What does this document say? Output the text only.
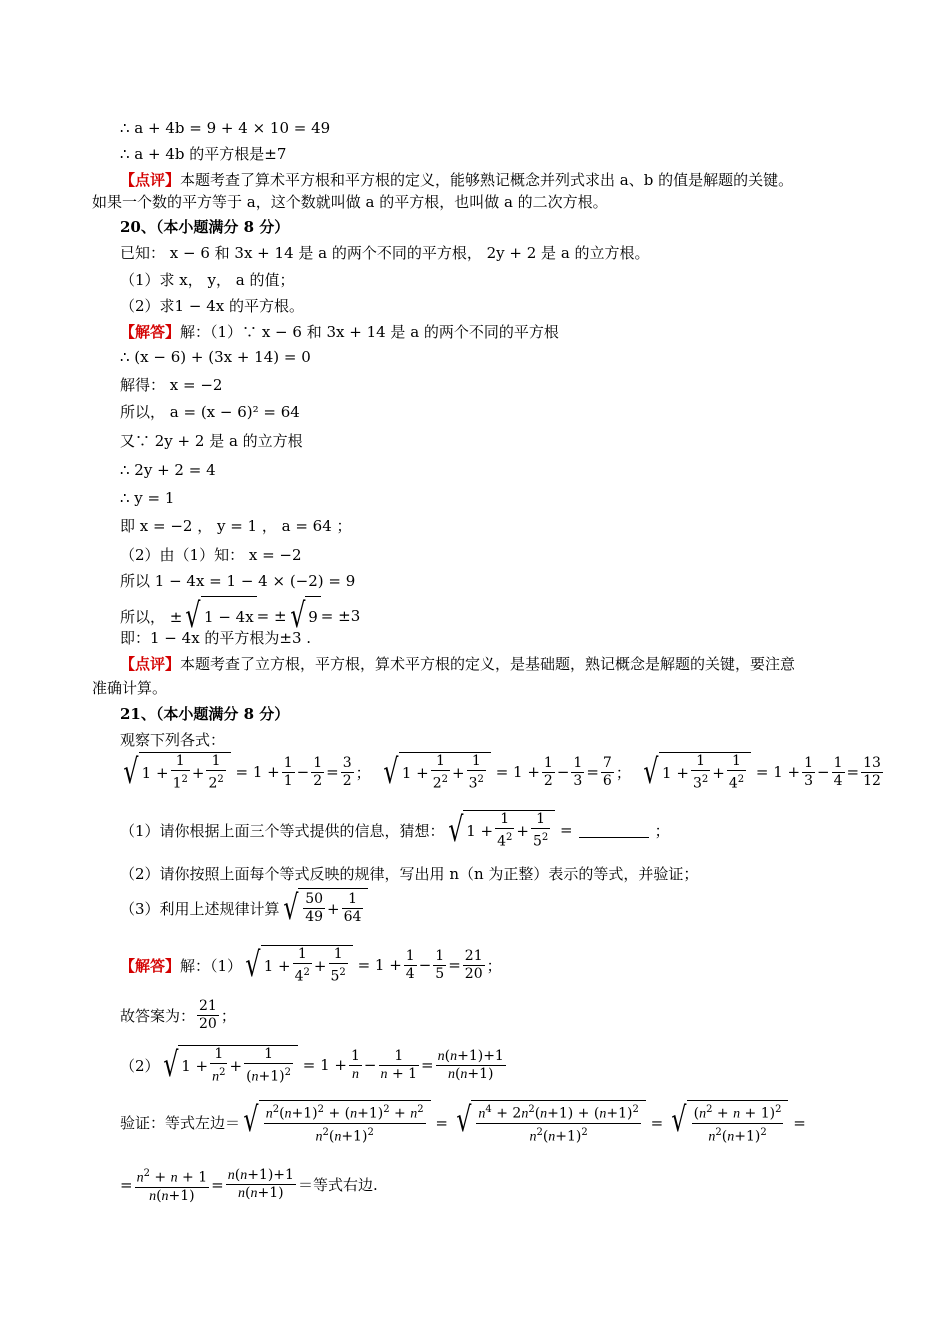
∴ a + 4b = 9 + 4 × 10 = 49
∴ a + 4b 的平方根是±7
【点评】本题考查了算术平方根和平方根的定义，能够熟记概念并列式求出 a、b 的值是解题的关键。
如果一个数的平方等于 a，这个数就叫做 a 的平方根，也叫做 a 的二次方根。
20、（本小题满分 8 分）
已知： x − 6 和 3x + 14 是 a 的两个不同的平方根， 2y + 2 是 a 的立方根。
（1）求 x， y， a 的值；
（2）求1 − 4x 的平方根。
【解答】解：（1）∵ x − 6 和 3x + 14 是 a 的两个不同的平方根
∴ (x − 6) + (3x + 14) = 0
解得： x = −2
所以， a = (x − 6)² = 64
又∵ 2y + 2 是 a 的立方根
∴ 2y + 2 = 4
∴ y = 1
即 x = −2 ， y = 1 ， a = 64 ；
（2）由（1）知： x = −2
所以 1 − 4x = 1 − 4 × (−2) = 9
所以， ± √ 1 − 4x = ± √ 9 = ±3
即：1 − 4x 的平方根为±3 .
【点评】本题考查了立方根，平方根，算术平方根的定义，是基础题，熟记概念是解题的关键，要注意
准确计算。
21、（本小题满分 8 分）
观察下列各式：
√ $1 + \frac{1}{1^2} + \frac{1}{2^2} = 1 + \frac{1}{1} - \frac{1}{2} = \frac{3}{2}$ ； √ $1 + \frac{1}{2^2} + \frac{1}{3^2} = 1 + \frac{1}{2} - \frac{1}{3} = \frac{7}{6}$ ； √ $1 + \frac{1}{3^2} + \frac{1}{4^2} = 1 + \frac{1}{3} - \frac{1}{4} = \frac{13}{12}$
（1）请你根据上面三个等式提供的信息，猜想： √ $1 + \frac{1}{4^2} + \frac{1}{5^2}$ =	；
（2）请你按照上面每个等式反映的规律，写出用 n（n 为正整）表示的等式，并验证；
（3）利用上述规律计算 √ $\frac{50}{49} + \frac{1}{64}$
【解答】 解：（1） √ $1 + \frac{1}{4^2} + \frac{1}{5^2} = 1 + \frac{1}{4} - \frac{1}{5} = \frac{21}{20}$ ；
故答案为： $\frac{21}{20}$ ；
（2） √ $1 + \frac{1}{n^2} + \frac{1}{(n+1)^2} = 1 + \frac{1}{n} - \frac{1}{n + 1} = \frac{n(n+1)+1}{n(n+1)}$
验证：等式左边＝ √ $\frac{n^2(n+1)^2 + (n+1)^2 + n^2}{n^2(n+1)^2}$ = √ $\frac{n^4 + 2n^2(n+1) + (n+1)^2}{n^2(n+1)^2}$ = √ $\frac{(n^2 + n + 1)^2}{n^2(n+1)^2}$ =
= $\frac{n^2 + n + 1}{n(n+1)} = \frac{n(n+1)+1}{n(n+1)}$ ＝等式右边.
